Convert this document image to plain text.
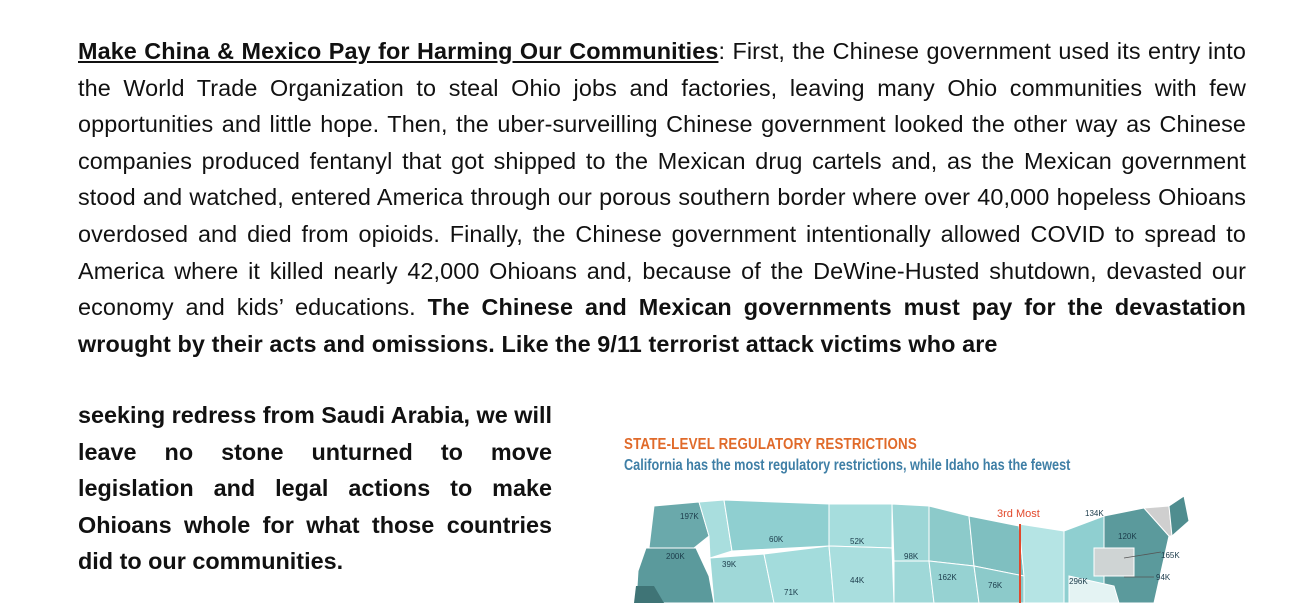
Make China & Mexico Pay for Harming Our Communities: First, the Chinese government used its entry into the World Trade Organization to steal Ohio jobs and factories, leaving many Ohio communities with few opportunities and little hope. Then, the uber-surveilling Chinese government looked the other way as Chinese companies produced fentanyl that got shipped to the Mexican drug cartels and, as the Mexican government stood and watched, entered America through our porous southern border where over 40,000 hopeless Ohioans overdosed and died from opioids. Finally, the Chinese government intentionally allowed COVID to spread to America where it killed nearly 42,000 Ohioans and, because of the DeWine-Husted shutdown, devasted our economy and kids’ educations. The Chinese and Mexican governments must pay for the devastation wrought by their acts and omissions. Like the 9/11 terrorist attack victims who are
seeking redress from Saudi Arabia, we will leave no stone unturned to move legislation and legal actions to make Ohioans whole for what those countries did to our communities.
197K
200K
39K
60K
71K
52K
44K
98K
162K
76K
134K
120K
165K
296K	94K
3rd Most
STATE-LEVEL REGULATORY RESTRICTIONS
California has the most regulatory restrictions, while Idaho has the fewest
